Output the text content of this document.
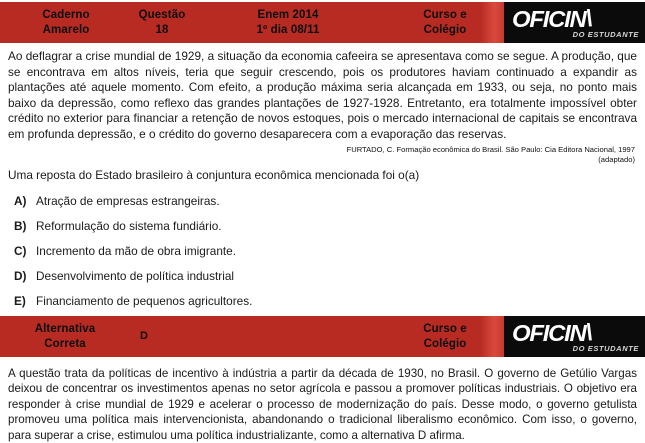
Caderno
Amarelo
Questão
18
Enem 2014
1º dia 08/11
Curso e
Colégio OFICIN\
DO ESTUDANTE
Ao deflagrar a crise mundial de 1929, a situação da economia cafeeira se apresentava como se segue. A produção, que se encontrava em altos níveis, teria que seguir crescendo, pois os produtores haviam continuado a expandir as plantações até aquele momento. Com efeito, a produção máxima seria alcançada em 1933, ou seja, no ponto mais baixo da depressão, como reflexo das grandes plantações de 1927-1928. Entretanto, era totalmente impossível obter crédito no exterior para financiar a retenção de novos estoques, pois o mercado internacional de capitais se encontrava em profunda depressão, e o crédito do governo desaparecera com a evaporação das reservas.
FURTADO, C. Formação econômica do Brasil. São Paulo: Cia Editora Nacional, 1997 (adaptado)
Uma reposta do Estado brasileiro à conjuntura econômica mencionada foi o(a)
A) Atração de empresas estrangeiras.
B) Reformulação do sistema fundiário.
C) Incremento da mão de obra imigrante.
D) Desenvolvimento de política industrial
E) Financiamento de pequenos agricultores.
Alternativa
Correta
D
Curso e
Colégio OFICIN\
DO ESTUDANTE
A questão trata da políticas de incentivo à indústria a partir da década de 1930, no Brasil. O governo de Getúlio Vargas deixou de concentrar os investimentos apenas no setor agrícola e passou a promover políticas industriais. O objetivo era responder à crise mundial de 1929 e acelerar o processo de modernização do país. Desse modo, o governo getulista promoveu uma política mais intervencionista, abandonando o tradicional liberalismo econômico. Com isso, o governo, para superar a crise, estimulou uma política industrializante, como a alternativa D afirma.
